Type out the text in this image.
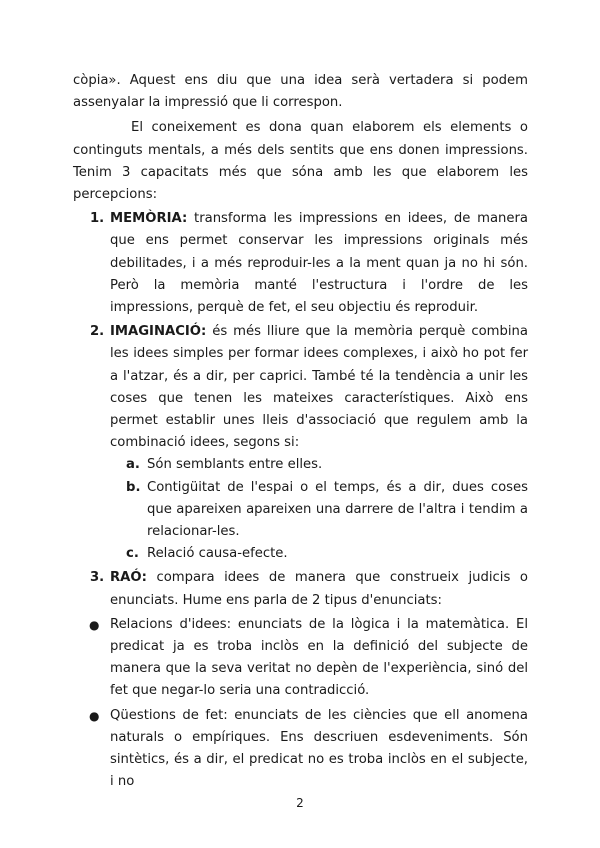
còpia». Aquest ens diu que una idea serà vertadera si podem assenyalar la impressió que li correspon.

El coneixement es dona quan elaborem els elements o continguts mentals, a més dels sentits que ens donen impressions. Tenim 3 capacitats més que sónа amb les que elaborem les percepcions:

1. MEMÒRIA: transforma les impressions en idees, de manera que ens permet conservar les impressions originals més debilitades, i a més reproduir-les a la ment quan ja no hi són. Però la memòria manté l'estructura i l'ordre de les impressions, perquè de fet, el seu objectiu és reproduir.
2. IMAGINACIÓ: és més lliure que la memòria perquè combina les idees simples per formar idees complexes, i això ho pot fer a l'atzar, és a dir, per caprici. També té la tendència a unir les coses que tenen les mateixes característiques. Això ens permet establir unes lleis d'associació que regulem amb la combinació idees, segons si:
a. Són semblants entre elles.
b. Contigüitat de l'espai o el temps, és a dir, dues coses que apareixen apareixen una darrere de l'altra i tendim a relacionar-les.
c. Relació causa-efecte.
3. RAÓ: compara idees de manera que construeix judicis o enunciats. Hume ens parla de 2 tipus d'enunciats:
● Relacions d'idees: enunciats de la lògica i la matemàtica. El predicat ja es troba inclòs en la definició del subjecte de manera que la seva veritat no depèn de l'experiència, sinó del fet que negar-lo seria una contradicció.
● Qüestions de fet: enunciats de les ciències que ell anomena naturals o empíriques. Ens descriuen esdeveniments. Són sintètics, és a dir, el predicat no es troba inclòs en el subjecte, i no
2
